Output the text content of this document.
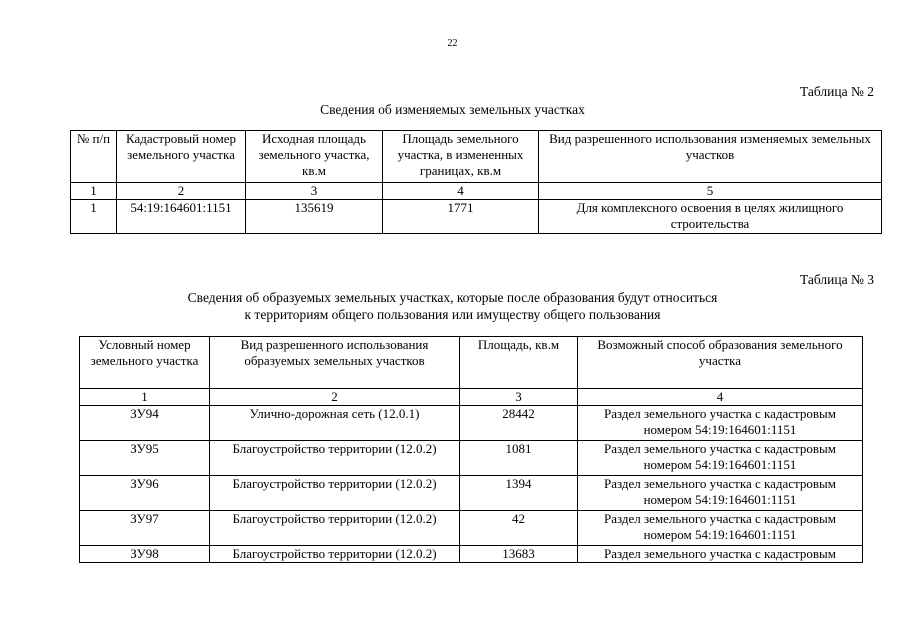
22
Таблица № 2
Сведения об изменяемых земельных участках
№ п/п	Кадастровый номер земельного участка	Исходная площадь земельного участка, кв.м	Площадь земельного участка, в измененных границах, кв.м	Вид разрешенного использования изменяемых земельных участков
1	2	3	4	5
1	54:19:164601:1151	135619	1771	Для комплексного освоения в целях жилищного строительства
Таблица № 3
Сведения об образуемых земельных участках, которые после образования будут относиться
к территориям общего пользования или имуществу общего пользования
Условный номер земельного участка	Вид разрешенного использования образуемых земельных участков	Площадь, кв.м	Возможный способ образования земельного участка
1	2	3	4
ЗУ94	Улично-дорожная сеть (12.0.1)	28442	Раздел земельного участка с кадастровым номером 54:19:164601:1151
ЗУ95	Благоустройство территории (12.0.2)	1081	Раздел земельного участка с кадастровым номером 54:19:164601:1151
ЗУ96	Благоустройство территории (12.0.2)	1394	Раздел земельного участка с кадастровым номером 54:19:164601:1151
ЗУ97	Благоустройство территории (12.0.2)	42	Раздел земельного участка с кадастровым номером 54:19:164601:1151
ЗУ98	Благоустройство территории (12.0.2)	13683	Раздел земельного участка с кадастровым
